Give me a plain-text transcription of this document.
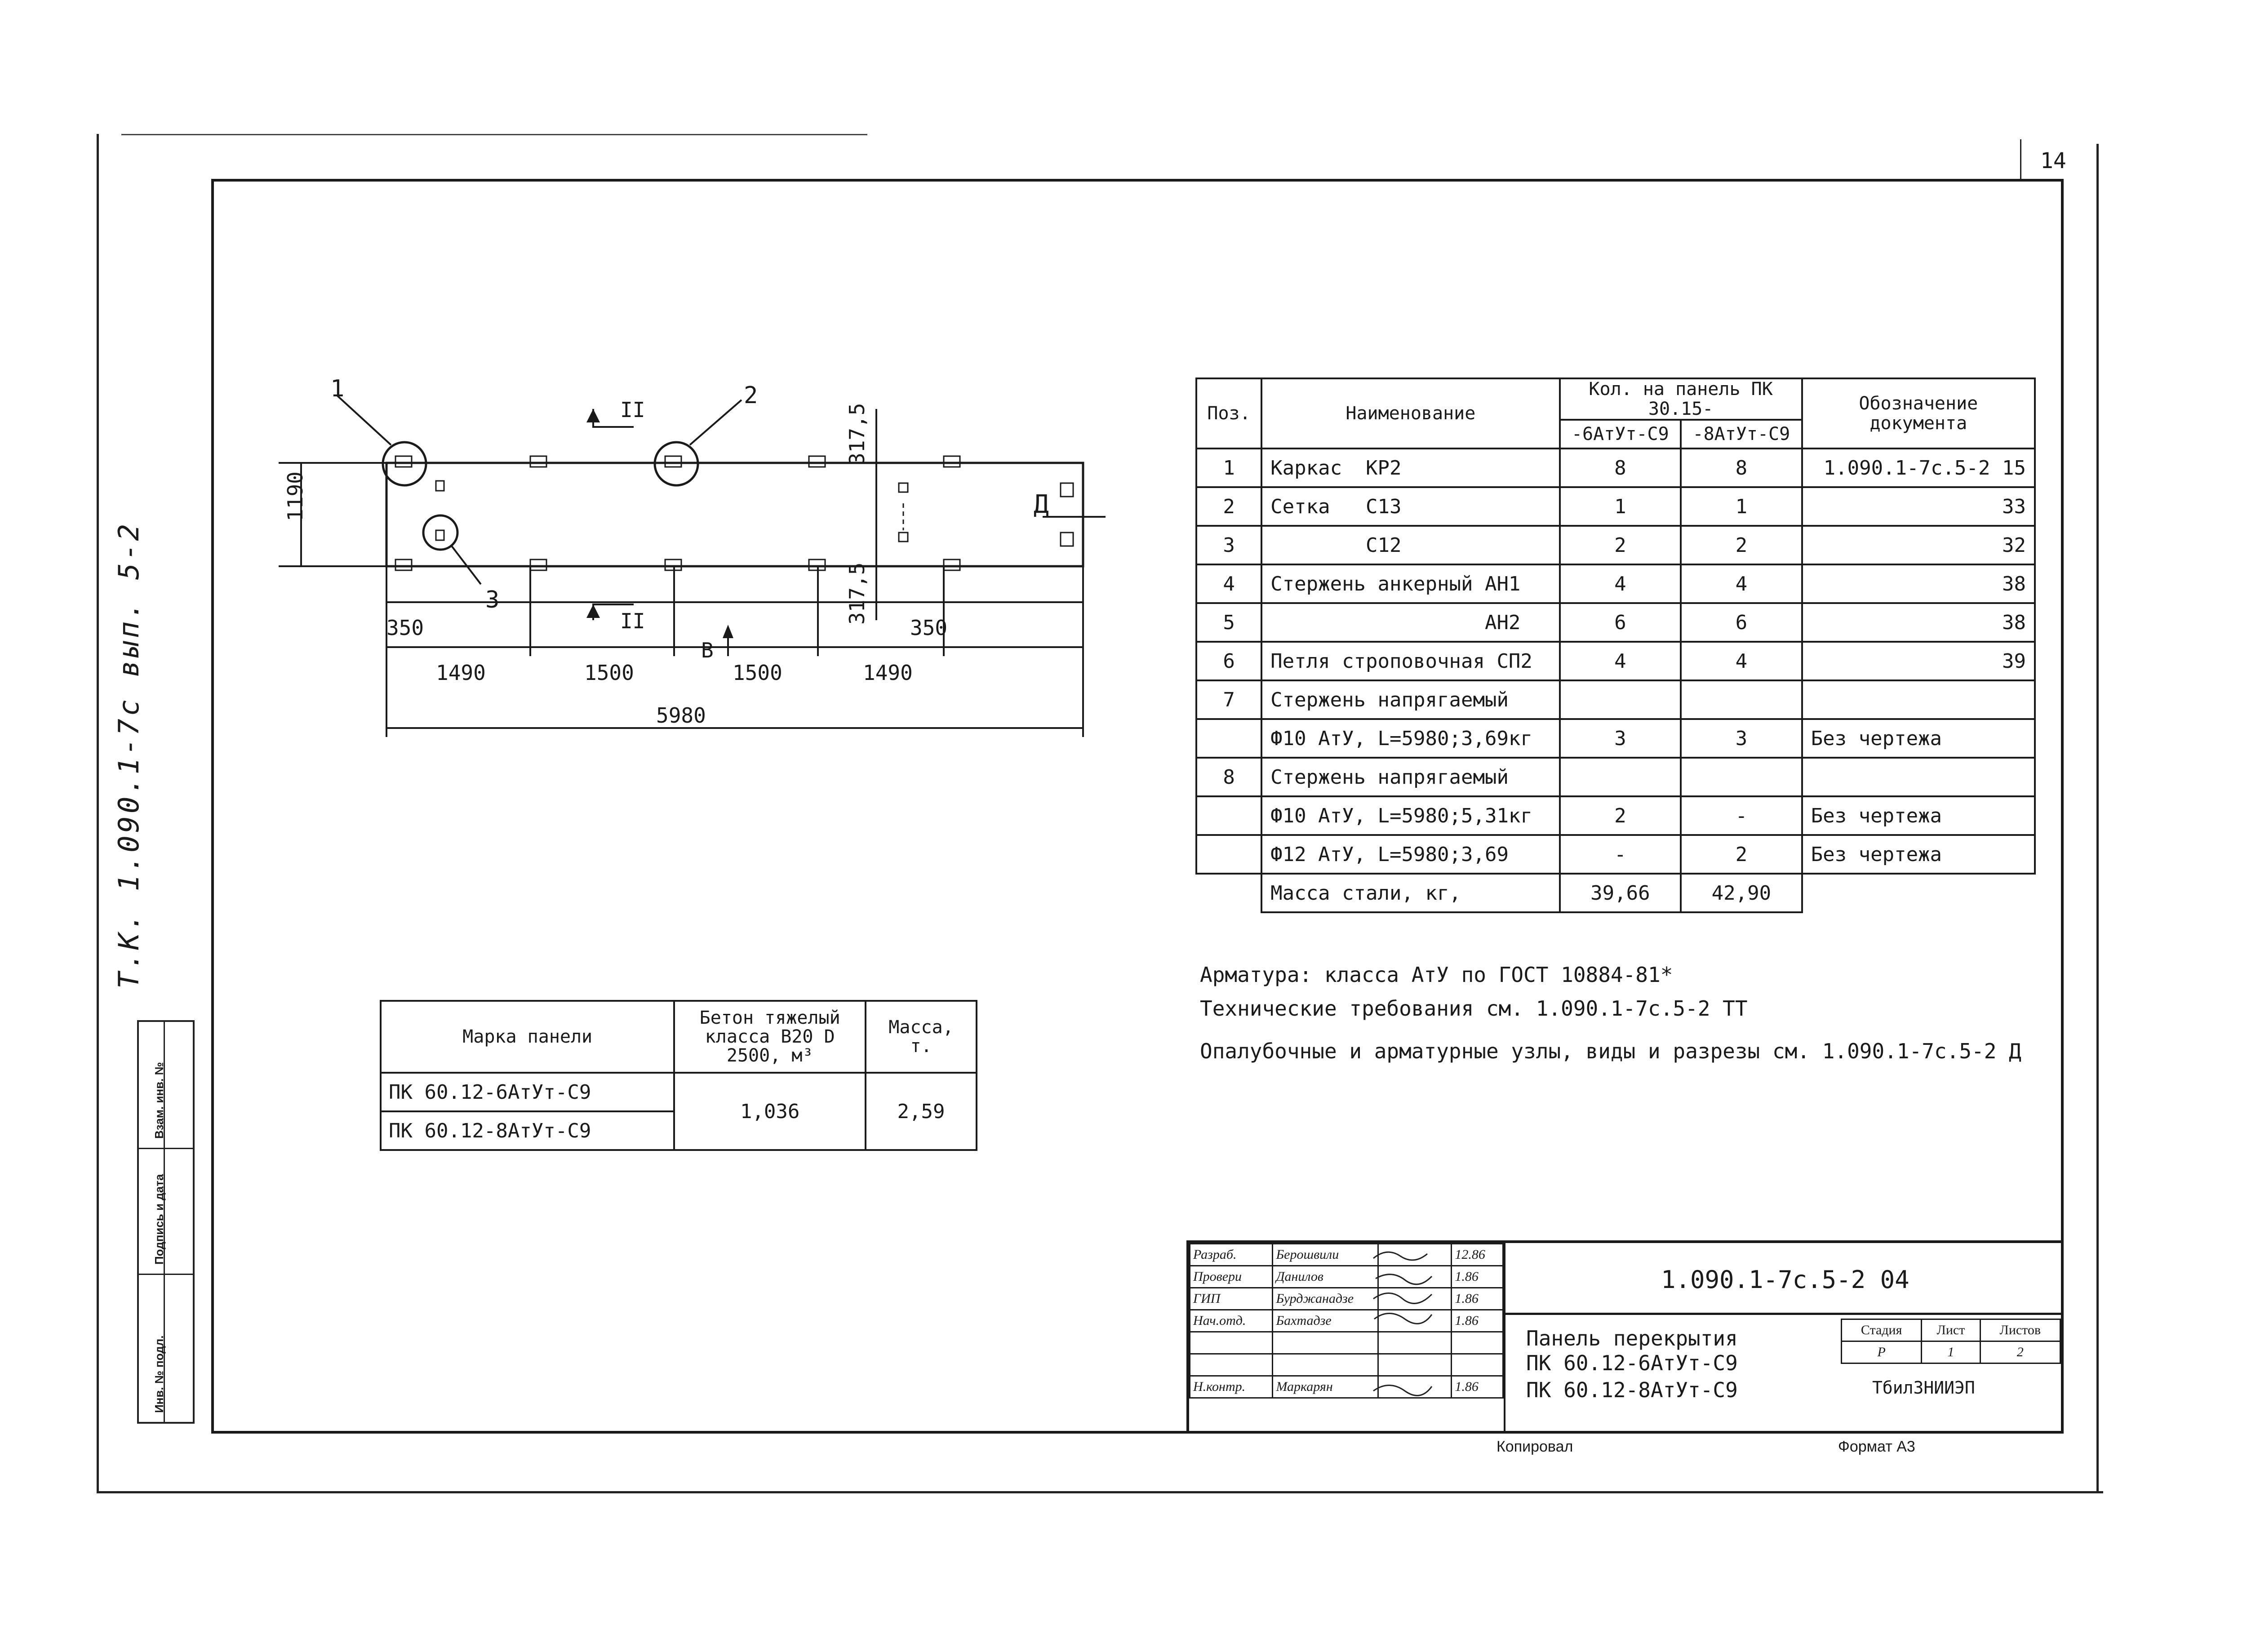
14
Т.К. 1.090.1-7с вып. 5-2
Инв. № подл.
Подпись и дата
Взам. инв. №
1	2
3
II
II
В
Д
1190
317,5
317,5
350	350
1490	1500	1500	1490
5980
Поз.	Наименование	Кол. на панель ПК 30.15-		Обозначение документа
		-6АтУт-С9	-8АтУт-С9	
1	Каркас  КР2	8	8	1.090.1-7с.5-2 15
2	Сетка   С13	1	1	33
3	С12	2	2	32
4	Стержень анкерный АН1	4	4	38
5	АН2	6	6	38
6	Петля строповочная СП2	4	4	39
7	Стержень напрягаемый			
	Ф10 АтУ, L=5980;3,69кг	3	3	Без чертежа
8	Стержень напрягаемый			
	Ф10 АтУ, L=5980;5,31кг	2	-	Без чертежа
	Ф12 АтУ, L=5980;3,69	-	2	Без чертежа
	Масса стали, кг,	39,66	42,90	
Арматура: класса АтУ по ГОСТ 10884-81*
Технические требования см. 1.090.1-7с.5-2 ТТ
Опалубочные и арматурные узлы, виды и разрезы см. 1.090.1-7с.5-2 Д
Марка панели	Бетон тяжелый класса В20 D 2500, м³	Масса, т.
ПК 60.12-6АтУт-С9	1,036	2,59
ПК 60.12-8АтУт-С9		
Разраб.	Берошвили		12.86
Провери	Данилов		1.86
ГИП	Бурджанадзе		1.86
Нач.отд.	Бахтадзе		1.86

Н.контр.	Маркарян		1.86
1.090.1-7с.5-2 04
Панель перекрытия
ПК 60.12-6АтУт-С9
ПК 60.12-8АтУт-С9
Стадия	Лист	Листов
Р	1	2
ТбилЗНИИЭП
Копировал	Формат А3
